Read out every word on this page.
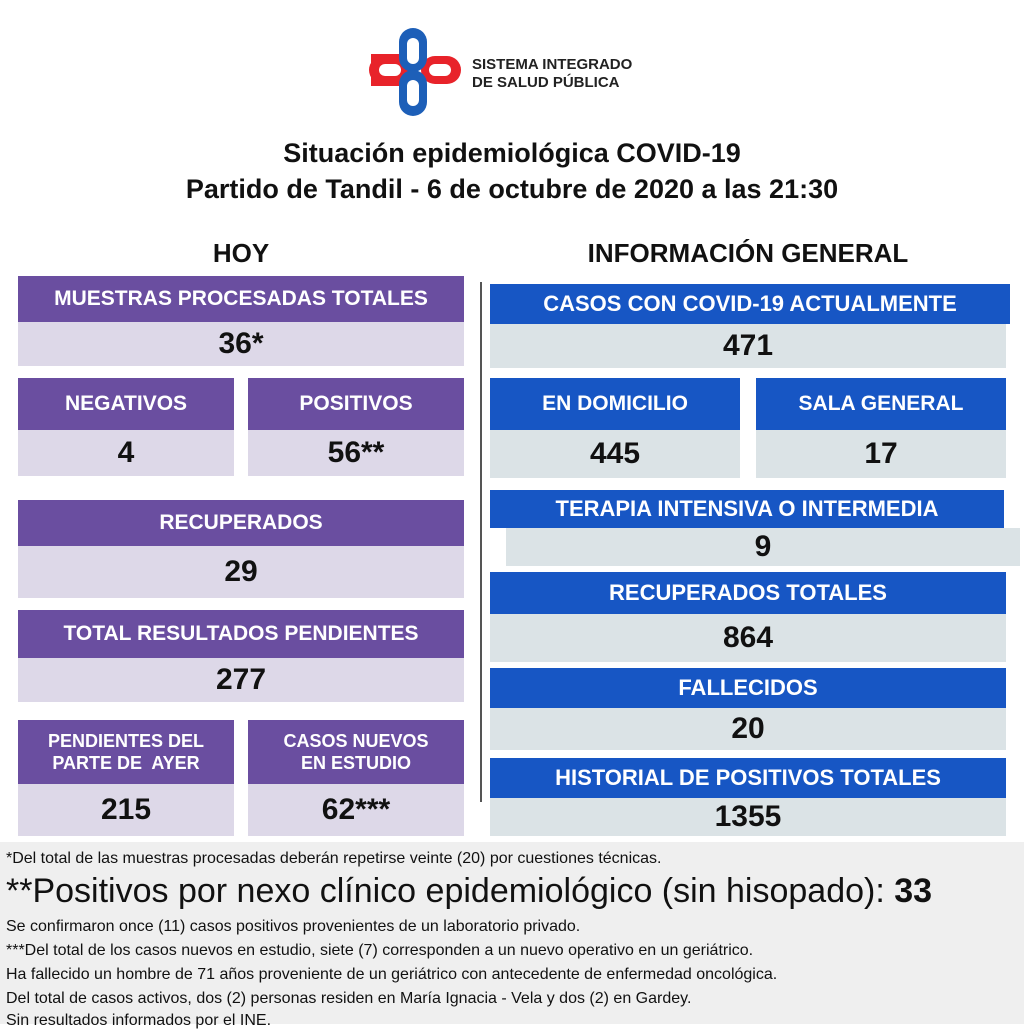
SISTEMA INTEGRADO
DE SALUD PÚBLICA
Situación epidemiológica COVID-19
Partido de Tandil - 6 de octubre de 2020 a las 21:30
HOY	INFORMACIÓN GENERAL
MUESTRAS PROCESADAS TOTALES
36*
NEGATIVOS
4
POSITIVOS
56**
RECUPERADOS
29
TOTAL RESULTADOS PENDIENTES
277
PENDIENTES DEL
PARTE DE  AYER
215
CASOS NUEVOS
EN ESTUDIO
62***
CASOS CON COVID-19 ACTUALMENTE
471
EN DOMICILIO
445
SALA GENERAL
17
TERAPIA INTENSIVA O INTERMEDIA
9
RECUPERADOS TOTALES
864
FALLECIDOS
20
HISTORIAL DE POSITIVOS TOTALES
1355
*Del total de las muestras procesadas deberán repetirse veinte (20) por cuestiones técnicas.
**Positivos por nexo clínico epidemiológico (sin hisopado): 33
Se confirmaron once (11) casos positivos provenientes de un laboratorio privado.
***Del total de los casos nuevos en estudio, siete (7) corresponden a un nuevo operativo en un geriátrico.
Ha fallecido un hombre de 71 años proveniente de un geriátrico con antecedente de enfermedad oncológica.
Del total de casos activos, dos (2) personas residen en María Ignacia - Vela y dos (2) en Gardey.
Sin resultados informados por el INE.
